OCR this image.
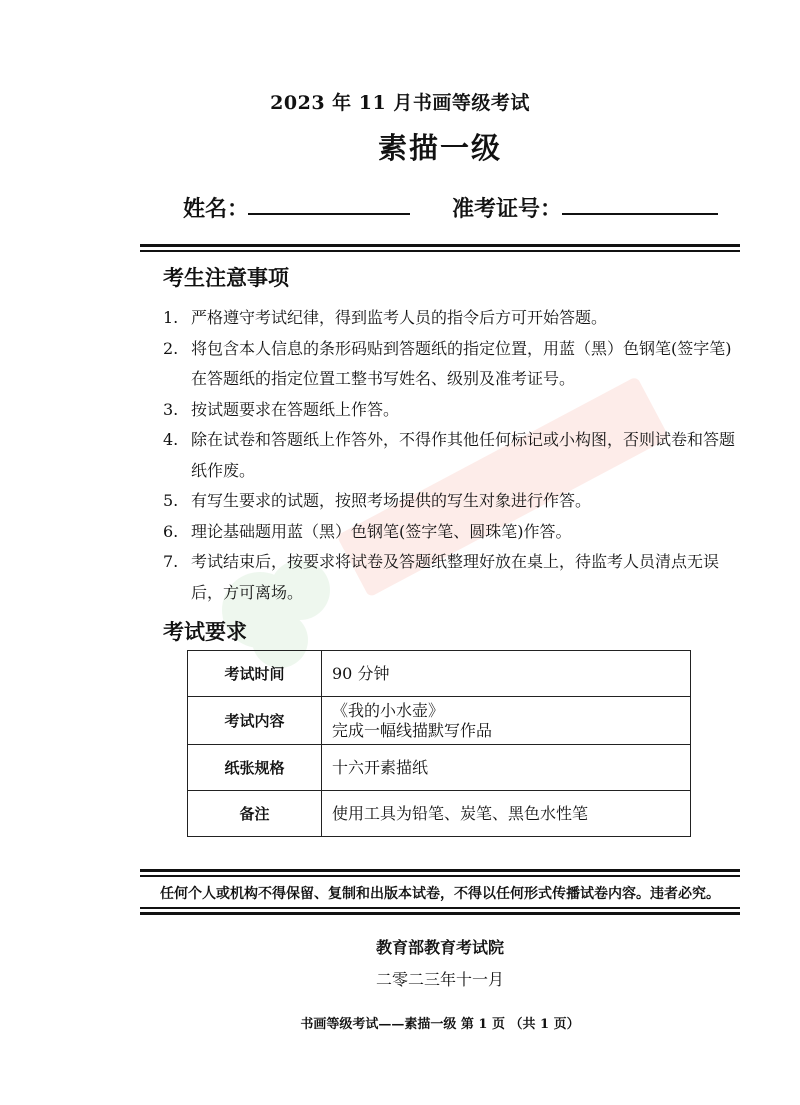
2023 年 11 月书画等级考试
素描一级
姓名：	准考证号：
考生注意事项
1. 严格遵守考试纪律，得到监考人员的指令后方可开始答题。
2. 将包含本人信息的条形码贴到答题纸的指定位置，用蓝（黑）色钢笔(签字笔)在答题纸的指定位置工整书写姓名、级别及准考证号。
3. 按试题要求在答题纸上作答。
4. 除在试卷和答题纸上作答外，不得作其他任何标记或小构图，否则试卷和答题纸作废。
5. 有写生要求的试题，按照考场提供的写生对象进行作答。
6. 理论基础题用蓝（黑）色钢笔(签字笔、圆珠笔)作答。
7. 考试结束后，按要求将试卷及答题纸整理好放在桌上，待监考人员清点无误后，方可离场。
考试要求
考试时间	90 分钟

考试内容	《我的小水壶》
完成一幅线描默写作品

纸张规格	十六开素描纸

备注	使用工具为铅笔、炭笔、黑色水性笔
任何个人或机构不得保留、复制和出版本试卷，不得以任何形式传播试卷内容。违者必究。
教育部教育考试院
二零二三年十一月
书画等级考试——素描一级 第 1 页 （共 1 页）
